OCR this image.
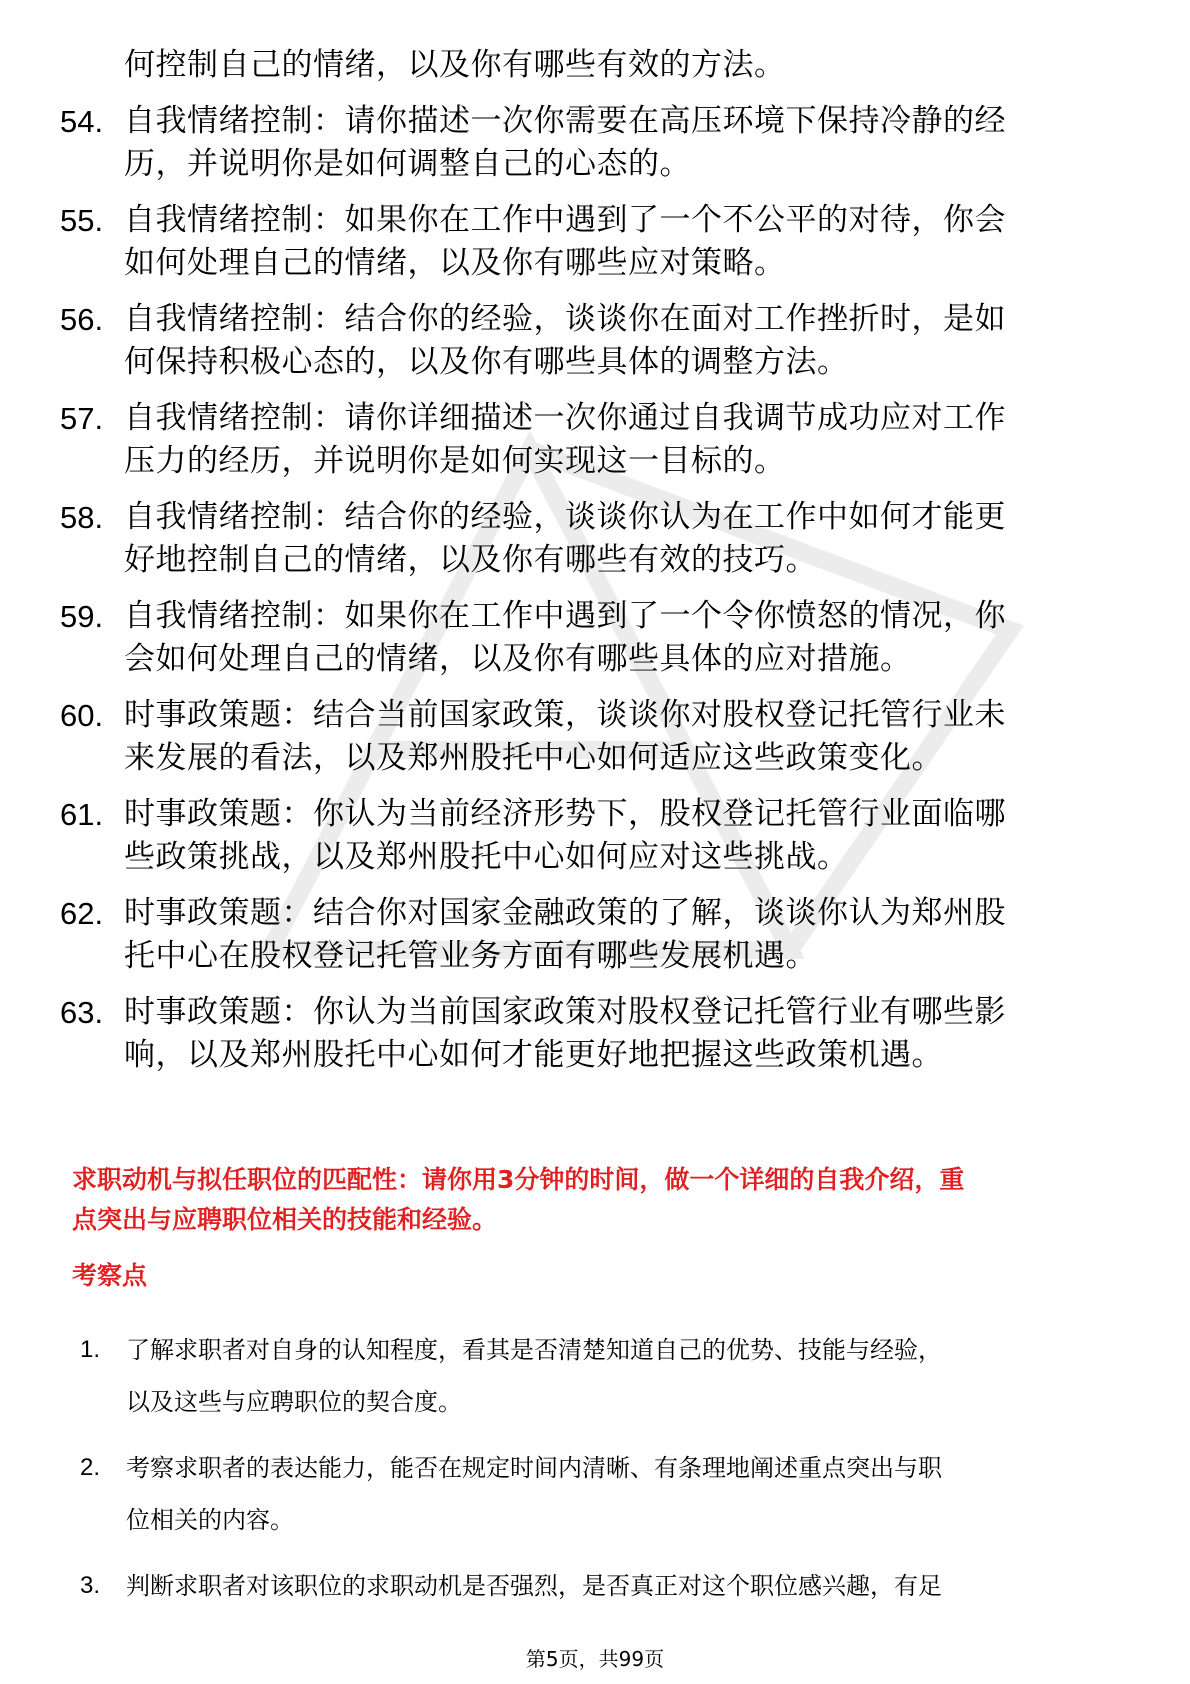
何控制自己的情绪，以及你有哪些有效的方法。
54. 自我情绪控制：请你描述一次你需要在高压环境下保持冷静的经
历，并说明你是如何调整自己的心态的。
55. 自我情绪控制：如果你在工作中遇到了一个不公平的对待，你会
如何处理自己的情绪，以及你有哪些应对策略。
56. 自我情绪控制：结合你的经验，谈谈你在面对工作挫折时，是如
何保持积极心态的，以及你有哪些具体的调整方法。
57. 自我情绪控制：请你详细描述一次你通过自我调节成功应对工作
压力的经历，并说明你是如何实现这一目标的。
58. 自我情绪控制：结合你的经验，谈谈你认为在工作中如何才能更
好地控制自己的情绪，以及你有哪些有效的技巧。
59. 自我情绪控制：如果你在工作中遇到了一个令你愤怒的情况，你
会如何处理自己的情绪，以及你有哪些具体的应对措施。
60. 时事政策题：结合当前国家政策，谈谈你对股权登记托管行业未
来发展的看法，以及郑州股托中心如何适应这些政策变化。
61. 时事政策题：你认为当前经济形势下，股权登记托管行业面临哪
些政策挑战，以及郑州股托中心如何应对这些挑战。
62. 时事政策题：结合你对国家金融政策的了解，谈谈你认为郑州股
托中心在股权登记托管业务方面有哪些发展机遇。
63. 时事政策题：你认为当前国家政策对股权登记托管行业有哪些影
响，以及郑州股托中心如何才能更好地把握这些政策机遇。
求职动机与拟任职位的匹配性：请你用3分钟的时间，做一个详细的自我介绍，重
点突出与应聘职位相关的技能和经验。
考察点
1.	了解求职者对自身的认知程度，看其是否清楚知道自己的优势、技能与经验，
以及这些与应聘职位的契合度。
2.	考察求职者的表达能力，能否在规定时间内清晰、有条理地阐述重点突出与职
位相关的内容。
3.	判断求职者对该职位的求职动机是否强烈，是否真正对这个职位感兴趣，有足
第5页，共99页
